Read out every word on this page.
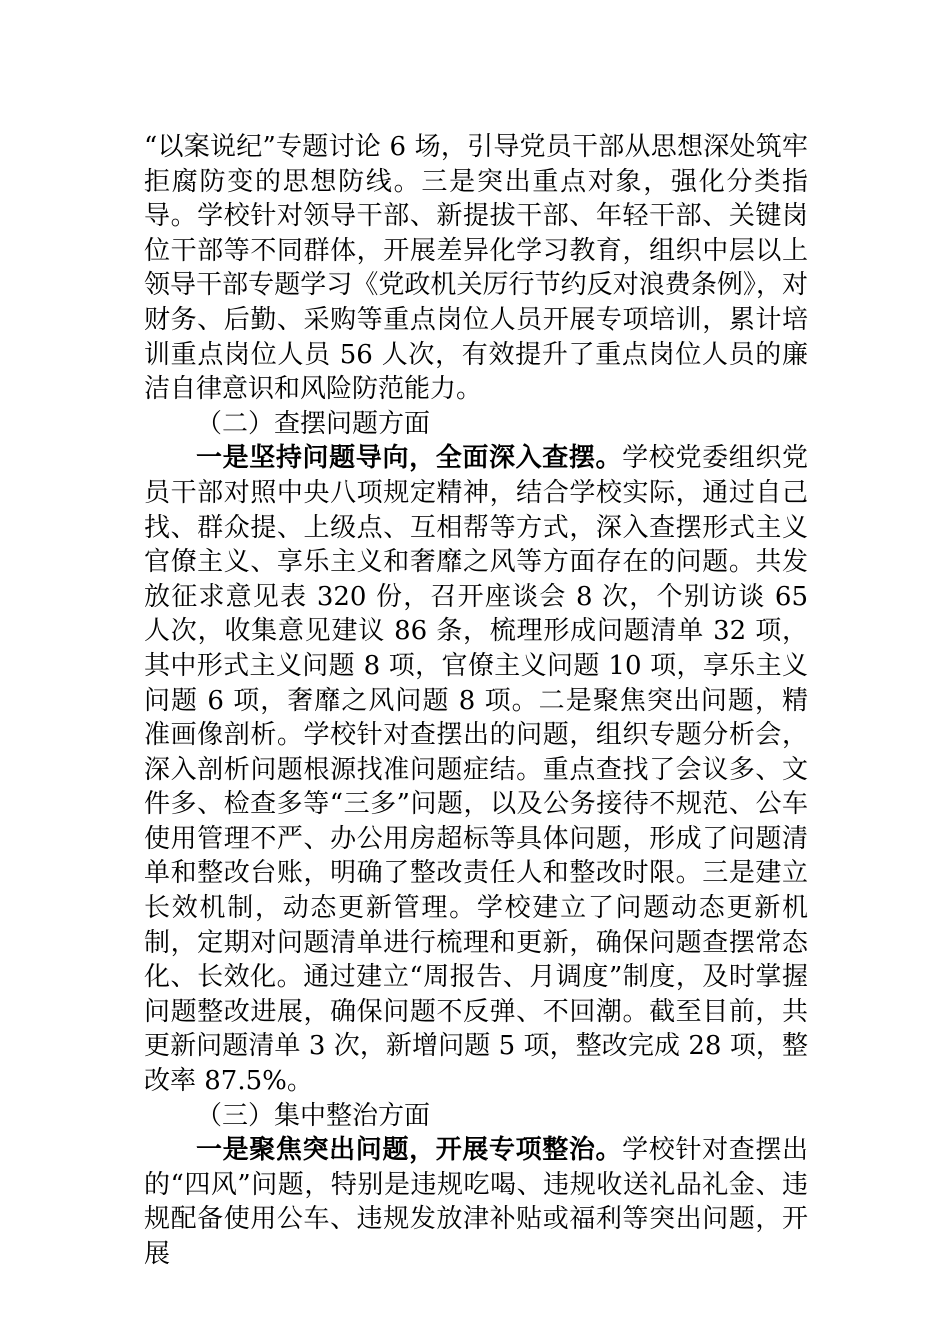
“以案说纪”专题讨论 6 场，引导党员干部从思想深处筑牢拒腐防变的思想防线。三是突出重点对象，强化分类指导。学校针对领导干部、新提拔干部、年轻干部、关键岗位干部等不同群体，开展差异化学习教育，组织中层以上领导干部专题学习《党政机关厉行节约反对浪费条例》，对财务、后勤、采购等重点岗位人员开展专项培训，累计培训重点岗位人员 56 人次，有效提升了重点岗位人员的廉洁自律意识和风险防范能力。

（二）查摆问题方面

一是坚持问题导向，全面深入查摆。学校党委组织党员干部对照中央八项规定精神，结合学校实际，通过自己找、群众提、上级点、互相帮等方式，深入查摆形式主义官僚主义、享乐主义和奢靡之风等方面存在的问题。共发放征求意见表 320 份，召开座谈会 8 次，个别访谈 65 人次，收集意见建议 86 条，梳理形成问题清单 32 项，其中形式主义问题 8 项，官僚主义问题 10 项，享乐主义问题 6 项，奢靡之风问题 8 项。二是聚焦突出问题，精准画像剖析。学校针对查摆出的问题，组织专题分析会，深入剖析问题根源找准问题症结。重点查找了会议多、文件多、检查多等“三多”问题，以及公务接待不规范、公车使用管理不严、办公用房超标等具体问题，形成了问题清单和整改台账，明确了整改责任人和整改时限。三是建立长效机制，动态更新管理。学校建立了问题动态更新机制，定期对问题清单进行梳理和更新，确保问题查摆常态化、长效化。通过建立“周报告、月调度”制度，及时掌握问题整改进展，确保问题不反弹、不回潮。截至目前，共更新问题清单 3 次，新增问题 5 项，整改完成 28 项，整改率 87.5%。

（三）集中整治方面

一是聚焦突出问题，开展专项整治。学校针对查摆出的“四风”问题，特别是违规吃喝、违规收送礼品礼金、违规配备使用公车、违规发放津补贴或福利等突出问题，开展
